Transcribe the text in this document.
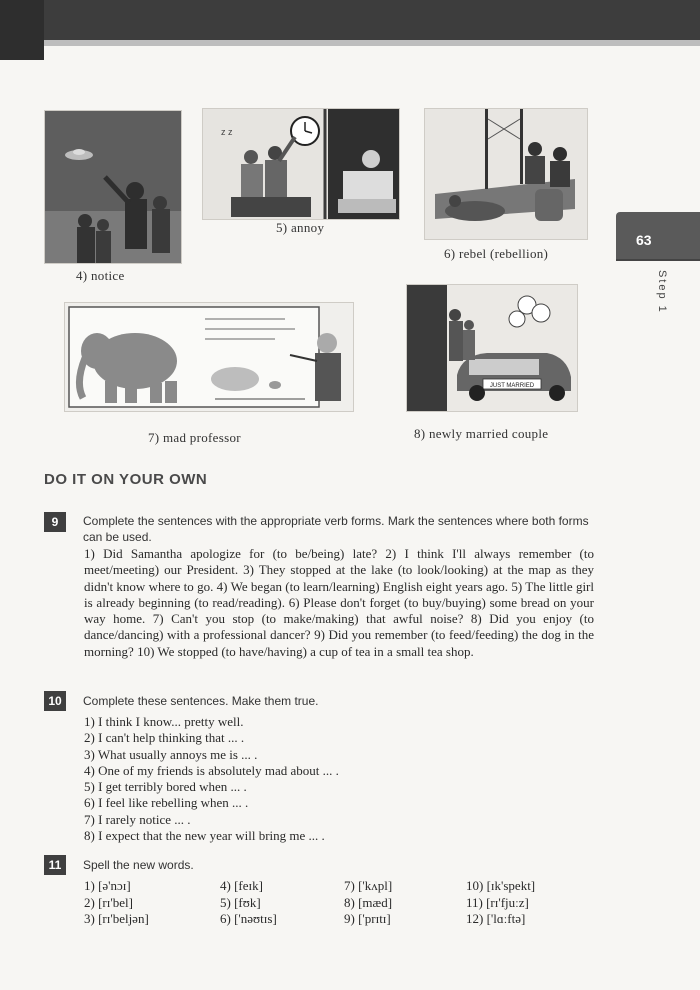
4) notice
z z
5) annoy
6) rebel (rebellion)
63
Step 1
7) mad professor
JUST MARRIED
8) newly married couple
DO IT ON YOUR OWN
9	Complete the sentences with the appropriate verb forms. Mark the sentences where both forms can be used.
1) Did Samantha apologize for (to be/being) late? 2) I think I'll always remember (to meet/meeting) our President. 3) They stopped at the lake (to look/looking) at the map as they didn't know where to go. 4) We began (to learn/learning) English eight years ago. 5) The little girl is already beginning (to read/reading). 6) Please don't forget (to buy/buying) some bread on your way home. 7) Can't you stop (to make/making) that awful noise? 8) Did you enjoy (to dance/dancing) with a professional dancer? 9) Did you remember (to feed/feeding) the dog in the morning? 10) We stopped (to have/having) a cup of tea in a small tea shop.
10	Complete these sentences. Make them true.
1) I think I know... pretty well.
2) I can't help thinking that ... .
3) What usually annoys me is ... .
4) One of my friends is absolutely mad about ... .
5) I get terribly bored when ... .
6) I feel like rebelling when ... .
7) I rarely notice ... .
8) I expect that the new year will bring me ... .
11	Spell the new words.
1) [ə'nɔɪ]
2) [rɪ'bel]
3) [rɪ'beljən]
4) [feɪk]
5) [fʊk]
6) ['nəʊtɪs]
7) ['kʌpl]
8) [mæd]
9) ['prɪtɪ]
10) [ɪk'spekt]
11) [rɪ'fjuːz]
12) ['lɑːftə]
